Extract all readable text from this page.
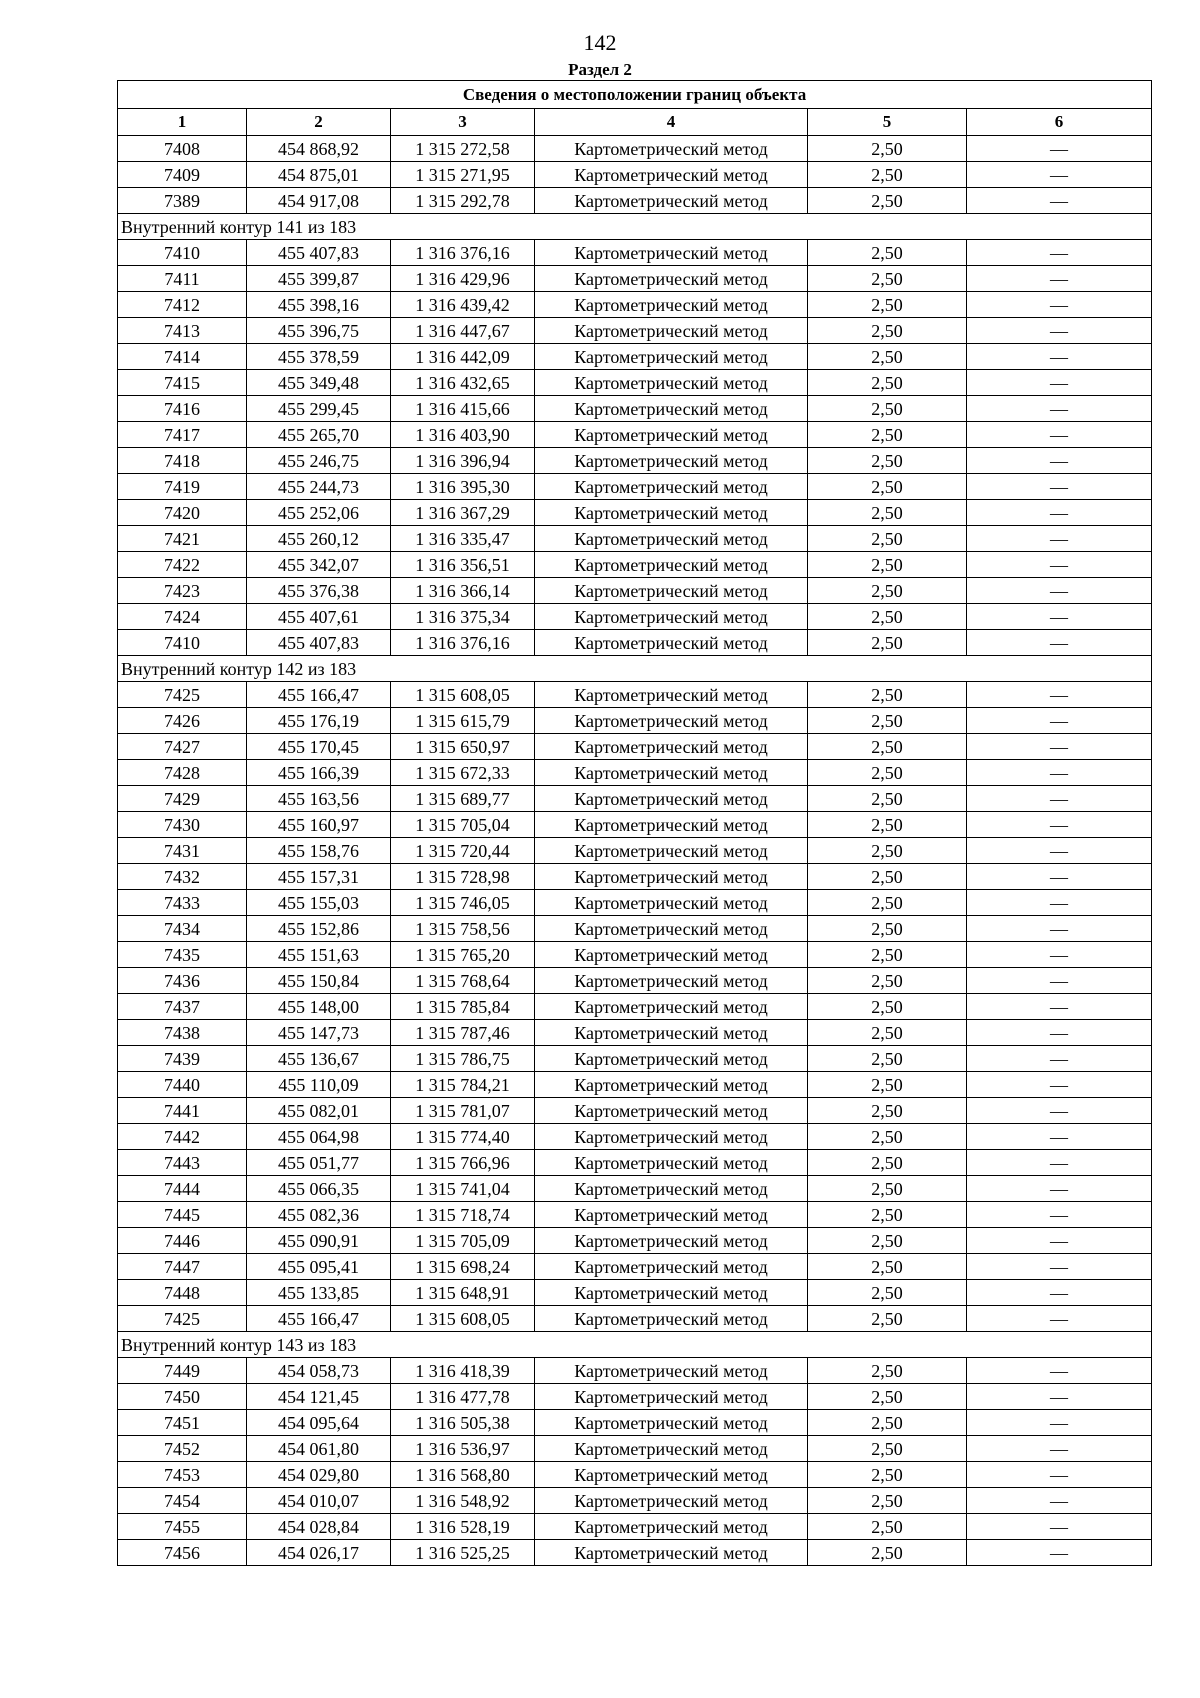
142
Раздел 2
Сведения о местоположении границ объекта					
1	2	3	4	5	6
7408	454 868,92	1 315 272,58	Картометрический метод	2,50	—
7409	454 875,01	1 315 271,95	Картометрический метод	2,50	—
7389	454 917,08	1 315 292,78	Картометрический метод	2,50	—
Внутренний контур 141 из 183					
7410	455 407,83	1 316 376,16	Картометрический метод	2,50	—
7411	455 399,87	1 316 429,96	Картометрический метод	2,50	—
7412	455 398,16	1 316 439,42	Картометрический метод	2,50	—
7413	455 396,75	1 316 447,67	Картометрический метод	2,50	—
7414	455 378,59	1 316 442,09	Картометрический метод	2,50	—
7415	455 349,48	1 316 432,65	Картометрический метод	2,50	—
7416	455 299,45	1 316 415,66	Картометрический метод	2,50	—
7417	455 265,70	1 316 403,90	Картометрический метод	2,50	—
7418	455 246,75	1 316 396,94	Картометрический метод	2,50	—
7419	455 244,73	1 316 395,30	Картометрический метод	2,50	—
7420	455 252,06	1 316 367,29	Картометрический метод	2,50	—
7421	455 260,12	1 316 335,47	Картометрический метод	2,50	—
7422	455 342,07	1 316 356,51	Картометрический метод	2,50	—
7423	455 376,38	1 316 366,14	Картометрический метод	2,50	—
7424	455 407,61	1 316 375,34	Картометрический метод	2,50	—
7410	455 407,83	1 316 376,16	Картометрический метод	2,50	—
Внутренний контур 142 из 183					
7425	455 166,47	1 315 608,05	Картометрический метод	2,50	—
7426	455 176,19	1 315 615,79	Картометрический метод	2,50	—
7427	455 170,45	1 315 650,97	Картометрический метод	2,50	—
7428	455 166,39	1 315 672,33	Картометрический метод	2,50	—
7429	455 163,56	1 315 689,77	Картометрический метод	2,50	—
7430	455 160,97	1 315 705,04	Картометрический метод	2,50	—
7431	455 158,76	1 315 720,44	Картометрический метод	2,50	—
7432	455 157,31	1 315 728,98	Картометрический метод	2,50	—
7433	455 155,03	1 315 746,05	Картометрический метод	2,50	—
7434	455 152,86	1 315 758,56	Картометрический метод	2,50	—
7435	455 151,63	1 315 765,20	Картометрический метод	2,50	—
7436	455 150,84	1 315 768,64	Картометрический метод	2,50	—
7437	455 148,00	1 315 785,84	Картометрический метод	2,50	—
7438	455 147,73	1 315 787,46	Картометрический метод	2,50	—
7439	455 136,67	1 315 786,75	Картометрический метод	2,50	—
7440	455 110,09	1 315 784,21	Картометрический метод	2,50	—
7441	455 082,01	1 315 781,07	Картометрический метод	2,50	—
7442	455 064,98	1 315 774,40	Картометрический метод	2,50	—
7443	455 051,77	1 315 766,96	Картометрический метод	2,50	—
7444	455 066,35	1 315 741,04	Картометрический метод	2,50	—
7445	455 082,36	1 315 718,74	Картометрический метод	2,50	—
7446	455 090,91	1 315 705,09	Картометрический метод	2,50	—
7447	455 095,41	1 315 698,24	Картометрический метод	2,50	—
7448	455 133,85	1 315 648,91	Картометрический метод	2,50	—
7425	455 166,47	1 315 608,05	Картометрический метод	2,50	—
Внутренний контур 143 из 183					
7449	454 058,73	1 316 418,39	Картометрический метод	2,50	—
7450	454 121,45	1 316 477,78	Картометрический метод	2,50	—
7451	454 095,64	1 316 505,38	Картометрический метод	2,50	—
7452	454 061,80	1 316 536,97	Картометрический метод	2,50	—
7453	454 029,80	1 316 568,80	Картометрический метод	2,50	—
7454	454 010,07	1 316 548,92	Картометрический метод	2,50	—
7455	454 028,84	1 316 528,19	Картометрический метод	2,50	—
7456	454 026,17	1 316 525,25	Картометрический метод	2,50	—
